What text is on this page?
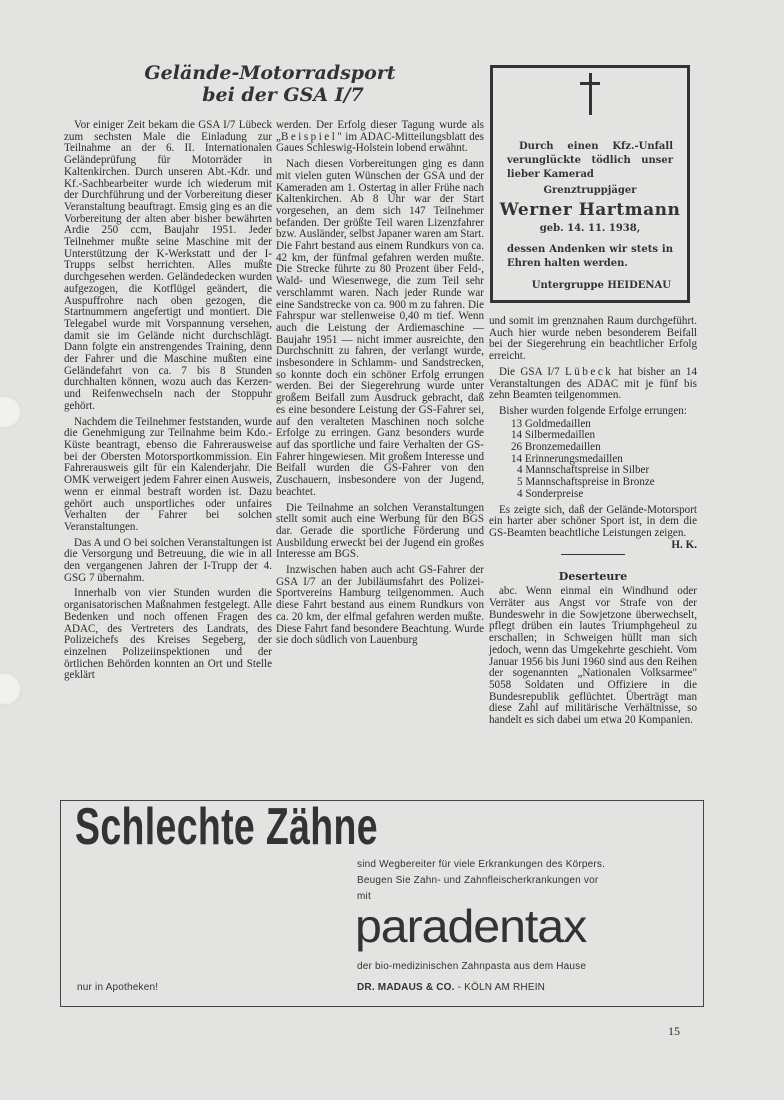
Gelände-Motorradsport
bei der GSA I/7

Vor einiger Zeit bekam die GSA I/7 Lübeck zum sechsten Male die Einladung zur Teilnahme an der 6. II. Internationalen Geländeprüfung für Motorräder in Kaltenkirchen. Durch unseren Abt.-Kdr. und Kf.-Sachbearbeiter wurde ich wiederum mit der Durchführung und der Vorbereitung dieser Veranstaltung beauftragt. Emsig ging es an die Vorbereitung der alten aber bisher bewährten Ardie 250 ccm, Baujahr 1951. Jeder Teilnehmer mußte seine Maschine mit der Unterstützung der K-Werkstatt und der I-Trupps selbst herrichten. Alles mußte durchgesehen werden. Geländedecken wurden aufgezogen, die Kotflügel geändert, die Auspuffrohre nach oben gezogen, die Startnummern angefertigt und montiert. Die Telegabel wurde mit Vorspannung versehen, damit sie im Gelände nicht durchschlägt. Dann folgte ein anstrengendes Training, denn der Fahrer und die Maschine mußten eine Geländefahrt von ca. 7 bis 8 Stunden durchhalten können, wozu auch das Kerzen- und Reifenwechseln nach der Stoppuhr gehört.

Nachdem die Teilnehmer feststanden, wurde die Genehmigung zur Teilnahme beim Kdo.-Küste beantragt, ebenso die Fahrerausweise bei der Obersten Motorsportkommission. Ein Fahrerausweis gilt für ein Kalenderjahr. Die OMK verweigert jedem Fahrer einen Ausweis, wenn er einmal bestraft worden ist. Dazu gehört auch unsportliches oder unfaires Verhalten der Fahrer bei solchen Veranstaltungen.

Das A und O bei solchen Veranstaltungen ist die Versorgung und Betreuung, die wie in all den vergangenen Jahren der I-Trupp der 4. GSG 7 übernahm.

Innerhalb von vier Stunden wurden die organisatorischen Maßnahmen festgelegt. Alle Bedenken und noch offenen Fragen des ADAC, des Vertreters des Landrats, des Polizeichefs des Kreises Segeberg, der einzelnen Polizeiinspektionen und der örtlichen Behörden konnten an Ort und Stelle geklärt

werden. Der Erfolg dieser Tagung wurde als „Beispiel" im ADAC-Mitteilungsblatt des Gaues Schleswig-Holstein lobend erwähnt.

Nach diesen Vorbereitungen ging es dann mit vielen guten Wünschen der GSA und der Kameraden am 1. Ostertag in aller Frühe nach Kaltenkirchen. Ab 8 Uhr war der Start vorgesehen, an dem sich 147 Teilnehmer befanden. Der größte Teil waren Lizenzfahrer bzw. Ausländer, selbst Japaner waren am Start. Die Fahrt bestand aus einem Rundkurs von ca. 42 km, der fünfmal gefahren werden mußte. Die Strecke führte zu 80 Prozent über Feld-, Wald- und Wiesenwege, die zum Teil sehr verschlammt waren. Nach jeder Runde war eine Sandstrecke von ca. 900 m zu fahren. Die Fahrspur war stellenweise 0,40 m tief. Wenn auch die Leistung der Ardiemaschine — Baujahr 1951 — nicht immer ausreichte, den Durchschnitt zu fahren, der verlangt wurde, insbesondere in Schlamm- und Sandstrecken, so konnte doch ein schöner Erfolg errungen werden. Bei der Siegerehrung wurde unter großem Beifall zum Ausdruck gebracht, daß es eine besondere Leistung der GS-Fahrer sei, auf den veralteten Maschinen noch solche Erfolge zu erringen. Ganz besonders wurde auf das sportliche und faire Verhalten der GS-Fahrer hingewiesen. Mit großem Interesse und Beifall wurden die GS-Fahrer von den Zuschauern, insbesondere von der Jugend, beachtet.

Die Teilnahme an solchen Veranstaltungen stellt somit auch eine Werbung für den BGS dar. Gerade die sportliche Förderung und Ausbildung erweckt bei der Jugend ein großes Interesse am BGS.

Inzwischen haben auch acht GS-Fahrer der GSA I/7 an der Jubiläumsfahrt des Polizei-Sportvereins Hamburg teilgenommen. Auch diese Fahrt bestand aus einem Rundkurs von ca. 20 km, der elfmal gefahren werden mußte. Diese Fahrt fand besondere Beachtung. Wurde sie doch südlich von Lauenburg

Durch einen Kfz.-Unfall verunglückte tödlich unser lieber Kamerad
Grenztruppjäger
Werner Hartmann
geb. 14. 11. 1938,
dessen Andenken wir stets in Ehren halten werden.
Untergruppe HEIDENAU

und somit im grenznahen Raum durchgeführt. Auch hier wurde neben besonderem Beifall bei der Siegerehrung ein beachtlicher Erfolg erreicht.

Die GSA I/7 Lübeck hat bisher an 14 Veranstaltungen des ADAC mit je fünf bis zehn Beamten teilgenommen.

Bisher wurden folgende Erfolge errungen:

13 Goldmedaillen
14 Silbermedaillen
26 Bronzemedaillen
14 Erinnerungsmedaillen
4 Mannschaftspreise in Silber
5 Mannschaftspreise in Bronze
4 Sonderpreise

Es zeigte sich, daß der Gelände-Motorsport ein harter aber schöner Sport ist, in dem die GS-Beamten beachtliche Leistungen zeigen.
H. K.

Deserteure

abc. Wenn einmal ein Windhund oder Verräter aus Angst vor Strafe von der Bundeswehr in die Sowjetzone überwechselt, pflegt drüben ein lautes Triumphgeheul zu erschallen; in Schweigen hüllt man sich jedoch, wenn das Umgekehrte geschieht. Vom Januar 1956 bis Juni 1960 sind aus den Reihen der sogenannten „Nationalen Volksarmee" 5058 Soldaten und Offiziere in die Bundesrepublik geflüchtet. Überträgt man diese Zahl auf militärische Verhältnisse, so handelt es sich dabei um etwa 20 Kompanien.

Schlechte Zähne
sind Wegbereiter für viele Erkrankungen des Körpers.
Beugen Sie Zahn- und Zahnfleischerkrankungen vor
mit
paradentax
der bio-medizinischen Zahnpasta aus dem Hause
DR. MADAUS & CO. - KÖLN AM RHEIN
nur in Apotheken!
15
